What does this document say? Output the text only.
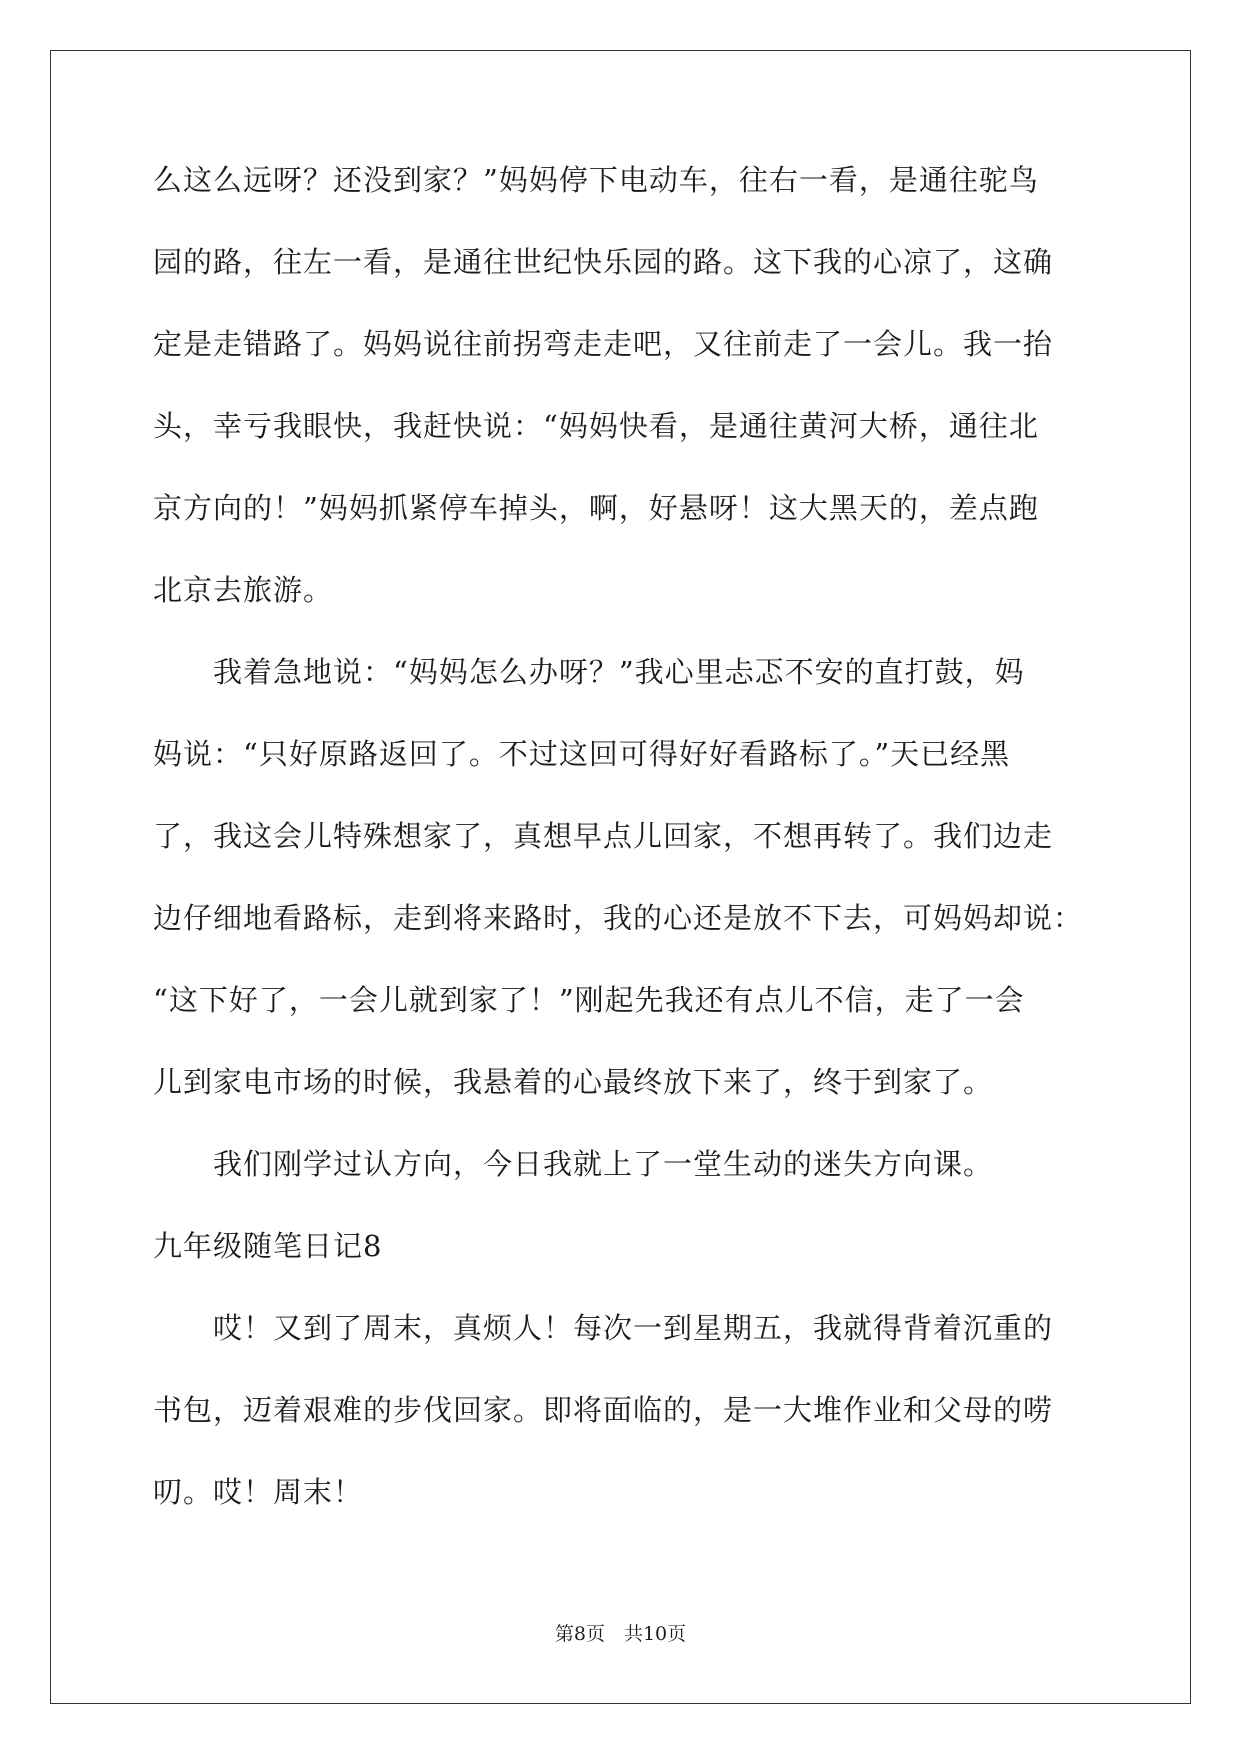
么这么远呀？还没到家？”妈妈停下电动车，往右一看，是通往驼鸟
园的路，往左一看，是通往世纪快乐园的路。这下我的心凉了，这确
定是走错路了。妈妈说往前拐弯走走吧，又往前走了一会儿。我一抬
头，幸亏我眼快，我赶快说：“妈妈快看，是通往黄河大桥，通往北
京方向的！”妈妈抓紧停车掉头，啊，好悬呀！这大黑天的，差点跑
北京去旅游。
　　我着急地说：“妈妈怎么办呀？”我心里忐忑不安的直打鼓，妈
妈说：“只好原路返回了。不过这回可得好好看路标了。”天已经黑
了，我这会儿特殊想家了，真想早点儿回家，不想再转了。我们边走
边仔细地看路标，走到将来路时，我的心还是放不下去，可妈妈却说：
“这下好了，一会儿就到家了！”刚起先我还有点儿不信，走了一会
儿到家电市场的时候，我悬着的心最终放下来了，终于到家了。
　　我们刚学过认方向，今日我就上了一堂生动的迷失方向课。
九年级随笔日记8
　　哎！又到了周末，真烦人！每次一到星期五，我就得背着沉重的
书包，迈着艰难的步伐回家。即将面临的，是一大堆作业和父母的唠
叨。哎！周末！
第8页　共10页
